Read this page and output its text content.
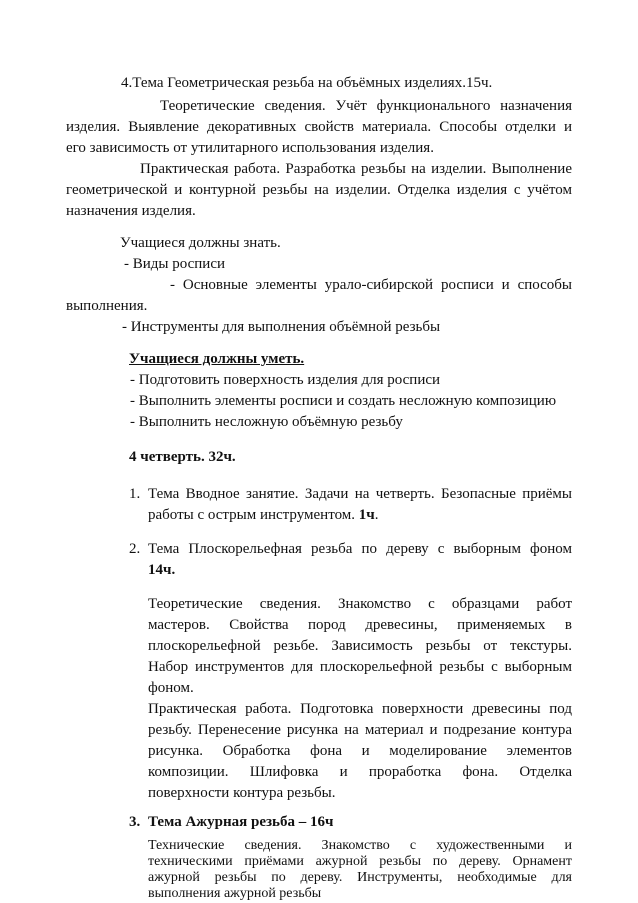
4.Тема Геометрическая резьба на объёмных изделиях.15ч.
Теоретические сведения. Учёт функционального назначения
изделия. Выявление декоративных свойств материала. Способы отделки и
его зависимость от утилитарного использования изделия.
Практическая работа. Разработка резьбы на изделии. Выполнение
геометрической и контурной резьбы на изделии. Отделка изделия с учётом
назначения изделия.
Учащиеся должны знать.
- Виды росписи
- Основные элементы урало-сибирской росписи и способы
выполнения.
- Инструменты для выполнения объёмной резьбы
Учащиеся должны уметь.
- Подготовить поверхность изделия для росписи
- Выполнить элементы росписи и создать несложную композицию
- Выполнить несложную объёмную резьбу
4 четверть. 32ч.
1. Тема Вводное занятие. Задачи на четверть. Безопасные приёмы
работы с острым инструментом. 1ч.
2. Тема Плоскорельефная резьба по дереву с выборным фоном
14ч.
Теоретические сведения. Знакомство с образцами работ
мастеров. Свойства пород древесины, применяемых в
плоскорельефной резьбе. Зависимость резьбы от текстуры.
Набор инструментов для плоскорельефной резьбы с выборным
фоном.
Практическая работа. Подготовка поверхности древесины под
резьбу. Перенесение рисунка на материал и подрезание контура
рисунка. Обработка фона и моделирование элементов
композиции. Шлифовка и проработка фона. Отделка
поверхности контура резьбы.
3. Тема Ажурная резьба – 16ч
Технические сведения. Знакомство с художественными и
техническими приёмами ажурной резьбы по дереву. Орнамент
ажурной резьбы по дереву. Инструменты, необходимые для
выполнения ажурной резьбы
